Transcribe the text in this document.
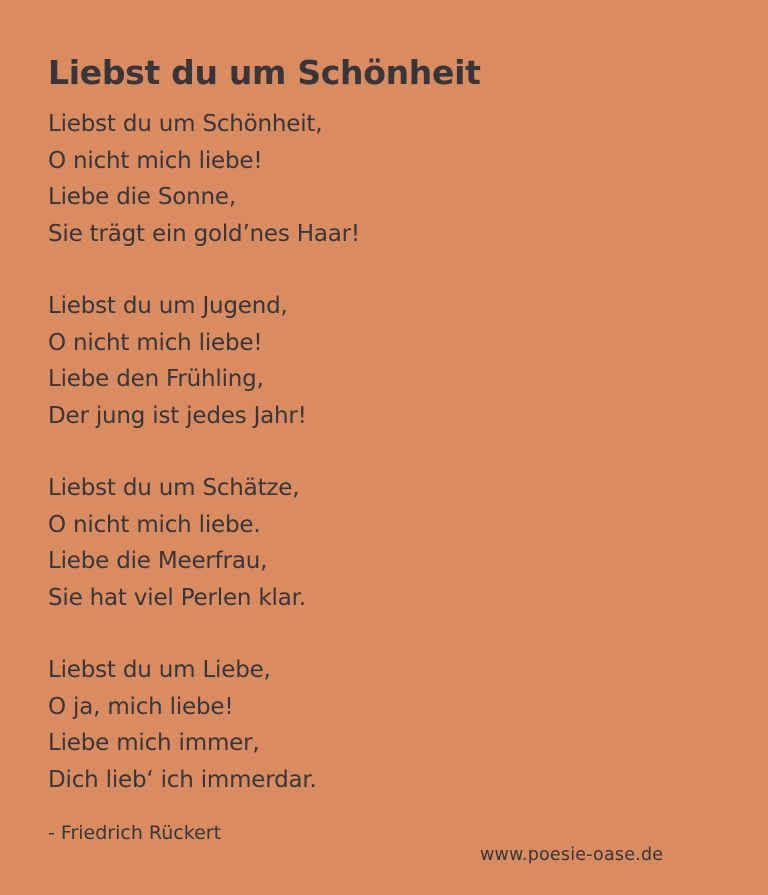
Liebst du um Schönheit
Liebst du um Schönheit,
O nicht mich liebe!
Liebe die Sonne,
Sie trägt ein gold’nes Haar!
Liebst du um Jugend,
O nicht mich liebe!
Liebe den Frühling,
Der jung ist jedes Jahr!
Liebst du um Schätze,
O nicht mich liebe.
Liebe die Meerfrau,
Sie hat viel Perlen klar.
Liebst du um Liebe,
O ja, mich liebe!
Liebe mich immer,
Dich lieb‘ ich immerdar.
- Friedrich Rückert
www.poesie-oase.de
